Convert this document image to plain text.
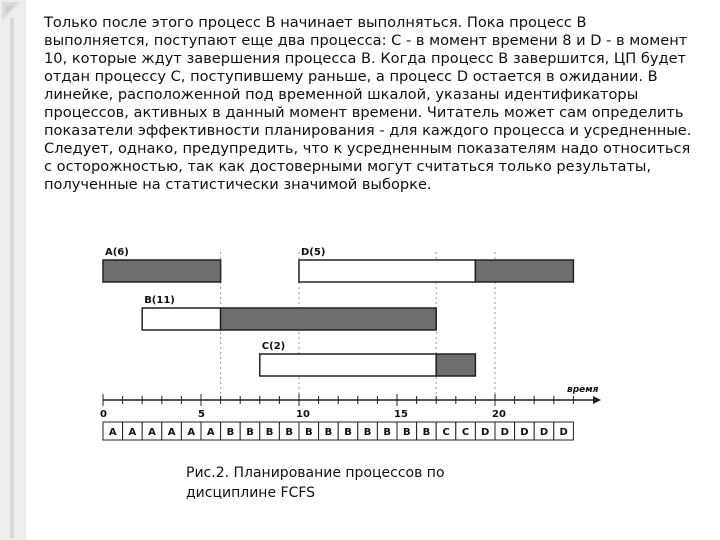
Только после этого процесс В начинает выполняться. Пока процесс В выполняется, поступают еще два процесса: С - в момент времени 8 и D - в момент 10, которые ждут завершения процесса В. Когда процесс В завершится, ЦП будет отдан процессу С, поступившему раньше, а процесс D остается в ожидании. В линейке, расположенной под временной шкалой, указаны идентификаторы процессов, активных в данный момент времени. Читатель может сам определить показатели эффективности планирования - для каждого процесса и усредненные. Следует, однако, предупредить, что к усредненным показателям надо относиться с осторожностью, так как достоверными могут считаться только результаты, полученные на статистически значимой выборке.

A(6)
B(11)
C(2)
D(5)
0	5	10	15	20
время
A A A A A A B B B B B B B B B B B C C D D D D D
Рис.2. Планирование процессов по
дисциплине FCFS
